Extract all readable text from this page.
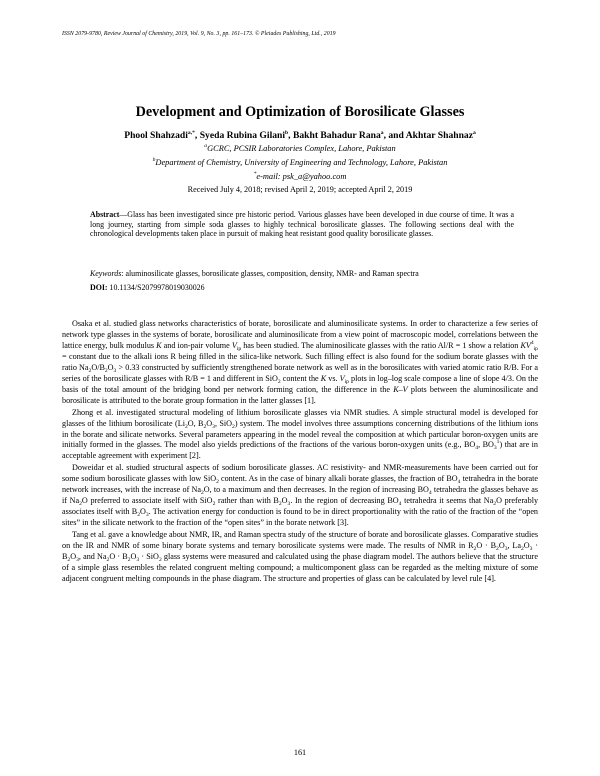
ISSN 2079-9780, Review Journal of Chemistry, 2019, Vol. 9, No. 3, pp. 161–173. © Pleiades Publishing, Ltd., 2019
Development and Optimization of Borosilicate Glasses
Phool Shahzadi$^{a,*}$, Syeda Rubina Gilani$^b$, Bakht Bahadur Rana$^a$, and Akhtar Shahnaz$^a$
$^a$GCRC, PCSIR Laboratories Complex, Lahore, Pakistan
$^b$Department of Chemistry, University of Engineering and Technology, Lahore, Pakistan
*e-mail: psk_a@yahoo.com
Received July 4, 2018; revised April 2, 2019; accepted April 2, 2019
Abstract—Glass has been investigated since pre historic period. Various glasses have been developed in due course of time. It was a long journey, starting from simple soda glasses to highly technical borosilicate glasses. The following sections deal with the chronological developments taken place in pursuit of making heat resistant good quality borosilicate glasses.
Keywords: aluminosilicate glasses, borosilicate glasses, composition, density, NMR- and Raman spectra
DOI: 10.1134/S2079978019030026

Osaka et al. studied glass networks characteristics of borate, borosilicate and aluminosilicate systems. In order to characterize a few series of network type glasses in the systems of borate, borosilicate and aluminosilicate from a view point of macroscopic model, correlations between the lattice energy, bulk modulus K and ion-pair volume $V_{ip}$ has been studied. The aluminosilicate glasses with the ratio Al/R = 1 show a relation $KV^4_{ip}$ = constant due to the alkali ions R being filled in the silica-like network. Such filling effect is also found for the sodium borate glasses with the ratio $Na_2O/B_2O_3 > 0.33$ constructed by sufficiently strengthened borate network as well as in the borosilicates with varied atomic ratio R/B. For a series of the borosilicate glasses with R/B = 1 and different in SiO$_2$ content the K vs. $V_{ip}$ plots in log–log scale compose a line of slope 4/3. On the basis of the total amount of the bridging bond per network forming cation, the difference in the K–V plots between the aluminosilicate and borosilicate is attributed to the borate group formation in the latter glasses [1].

Zhong et al. investigated structural modeling of lithium borosilicate glasses via NMR studies. A simple structural model is developed for glasses of the lithium borosilicate ($Li_2O$, $B_2O_3$, SiO$_2$) system. The model involves three assumptions concerning distributions of the lithium ions in the borate and silicate networks. Several parameters appearing in the model reveal the composition at which particular boron-oxygen units are initially formed in the glasses. The model also yields predictions of the fractions of the various boron-oxygen units (e.g., $BO_4$, $BO_3^1$) that are in acceptable agreement with experiment [2].

Doweidar et al. studied structural aspects of sodium borosilicate glasses. AC resistivity- and NMR-measurements have been carried out for some sodium borosilicate glasses with low SiO$_2$ content. As in the case of binary alkali borate glasses, the fraction of $BO_4$ tetrahedra in the borate network increases, with the increase of $Na_2O$, to a maximum and then decreases. In the region of increasing $BO_4$ tetrahedra the glasses behave as if $Na_2O$ preferred to associate itself with SiO$_2$ rather than with $B_2O_3$. In the region of decreasing $BO_4$ tetrahedra it seems that $Na_2O$ preferably associates itself with $B_2O_3$. The activation energy for conduction is found to be in direct proportionality with the ratio of the fraction of the “open sites” in the silicate network to the fraction of the “open sites” in the borate network [3].

Tang et al. gave a knowledge about NMR, IR, and Raman spectra study of the structure of borate and borosilicate glasses. Comparative studies on the IR and NMR of some binary borate systems and ternary borosilicate systems were made. The results of NMR in $R_2O \cdot B_2O_3$, $La_2O_3 \cdot B_2O_3$, and $Na_2O \cdot B_2O_3 \cdot SiO_2$ glass systems were measured and calculated using the phase diagram model. The authors believe that the structure of a simple glass resembles the related congruent melting compound; a multicomponent glass can be regarded as the melting mixture of some adjacent congruent melting compounds in the phase diagram. The structure and properties of glass can be calculated by level rule [4].

161
